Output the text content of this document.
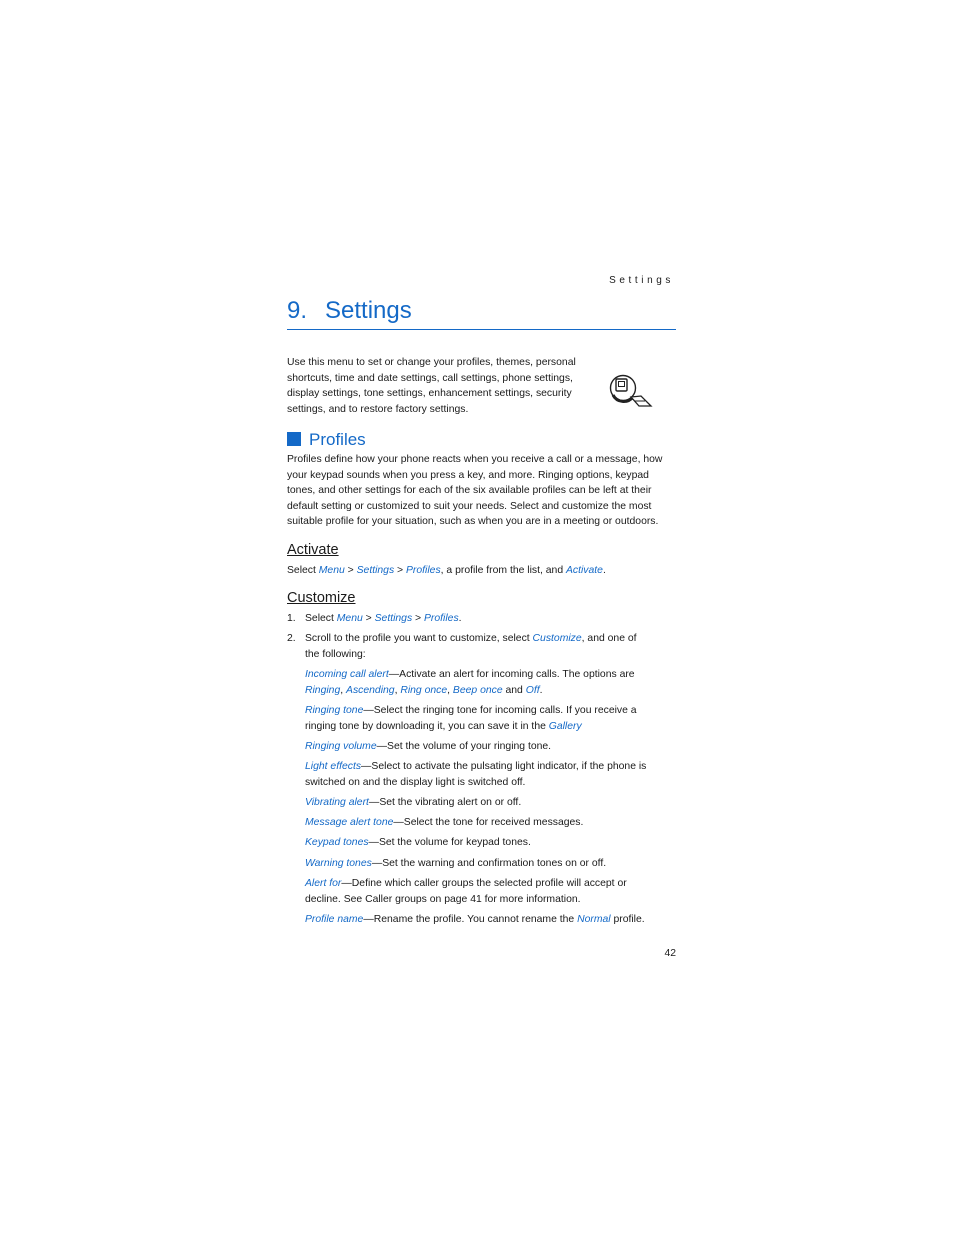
Settings
9. Settings
Use this menu to set or change your profiles, themes, personal shortcuts, time and date settings, call settings, phone settings, display settings, tone settings, enhancement settings, security settings, and to restore factory settings.
Profiles
Profiles define how your phone reacts when you receive a call or a message, how your keypad sounds when you press a key, and more. Ringing options, keypad tones, and other settings for each of the six available profiles can be left at their default setting or customized to suit your needs. Select and customize the most suitable profile for your situation, such as when you are in a meeting or outdoors.
Activate
Select Menu > Settings > Profiles, a profile from the list, and Activate.
Customize
1. Select Menu > Settings > Profiles.
2. Scroll to the profile you want to customize, select Customize, and one of
the following:
Incoming call alert—Activate an alert for incoming calls. The options are
Ringing, Ascending, Ring once, Beep once and Off.
Ringing tone—Select the ringing tone for incoming calls. If you receive a
ringing tone by downloading it, you can save it in the Gallery
Ringing volume—Set the volume of your ringing tone.
Light effects—Select to activate the pulsating light indicator, if the phone is
switched on and the display light is switched off.
Vibrating alert—Set the vibrating alert on or off.
Message alert tone—Select the tone for received messages.
Keypad tones—Set the volume for keypad tones.
Warning tones—Set the warning and confirmation tones on or off.
Alert for—Define which caller groups the selected profile will accept or
decline. See Caller groups on page 41 for more information.
Profile name—Rename the profile. You cannot rename the Normal profile.
42
